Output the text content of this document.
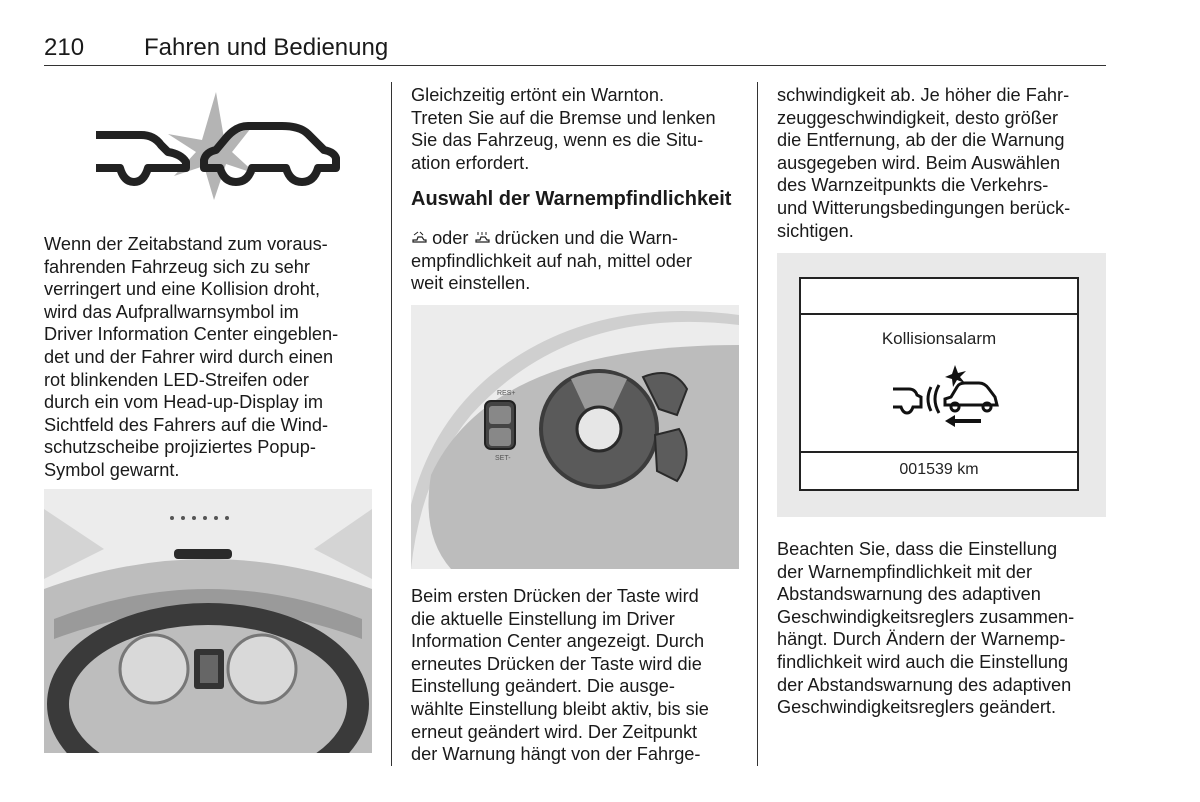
210 Fahren und Bedienung
Wenn der Zeitabstand zum voraus-
fahrenden Fahrzeug sich zu sehr
verringert und eine Kollision droht,
wird das Aufprallwarnsymbol im
Driver Information Center eingeblen-
det und der Fahrer wird durch einen
rot blinkenden LED-Streifen oder
durch ein vom Head-up-Display im
Sichtfeld des Fahrers auf die Wind-
schutzscheibe projiziertes Popup-
Symbol gewarnt.
Gleichzeitig ertönt ein Warnton.
Treten Sie auf die Bremse und lenken
Sie das Fahrzeug, wenn es die Situ-
ation erfordert.
Auswahl der Warnempfindlichkeit
oder drücken und die Warn-
empfindlichkeit auf nah, mittel oder
weit einstellen.
RES+
SET-
Beim ersten Drücken der Taste wird
die aktuelle Einstellung im Driver
Information Center angezeigt. Durch
erneutes Drücken der Taste wird die
Einstellung geändert. Die ausge-
wählte Einstellung bleibt aktiv, bis sie
erneut geändert wird. Der Zeitpunkt
der Warnung hängt von der Fahrge-
schwindigkeit ab. Je höher die Fahr-
zeuggeschwindigkeit, desto größer
die Entfernung, ab der die Warnung
ausgegeben wird. Beim Auswählen
des Warnzeitpunkts die Verkehrs-
und Witterungsbedingungen berück-
sichtigen.
Kollisionsalarm
001539 km
Beachten Sie, dass die Einstellung
der Warnempfindlichkeit mit der
Abstandswarnung des adaptiven
Geschwindigkeitsreglers zusammen-
hängt. Durch Ändern der Warnemp-
findlichkeit wird auch die Einstellung
der Abstandswarnung des adaptiven
Geschwindigkeitsreglers geändert.
